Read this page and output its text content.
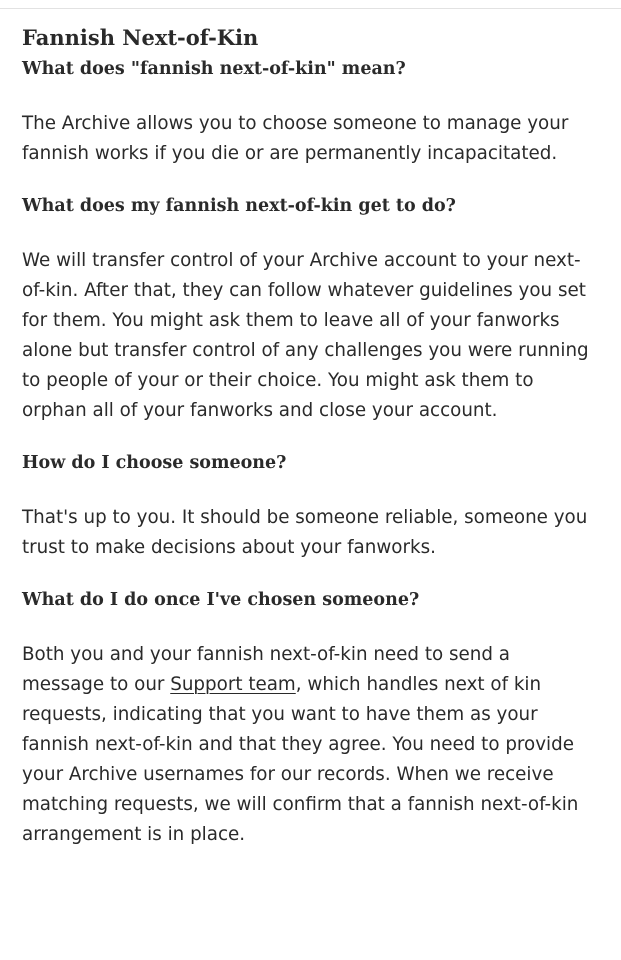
Fannish Next-of-Kin
What does "fannish next-of-kin" mean?

The Archive allows you to choose someone to manage your fannish works if you die or are permanently incapacitated.

What does my fannish next-of-kin get to do?

We will transfer control of your Archive account to your next-of-kin. After that, they can follow whatever guidelines you set for them. You might ask them to leave all of your fanworks alone but transfer control of any challenges you were running to people of your or their choice. You might ask them to orphan all of your fanworks and close your account.

How do I choose someone?

That's up to you. It should be someone reliable, someone you trust to make decisions about your fanworks.

What do I do once I've chosen someone?

Both you and your fannish next-of-kin need to send a message to our Support team, which handles next of kin requests, indicating that you want to have them as your fannish next-of-kin and that they agree. You need to provide your Archive usernames for our records. When we receive matching requests, we will confirm that a fannish next-of-kin arrangement is in place.
